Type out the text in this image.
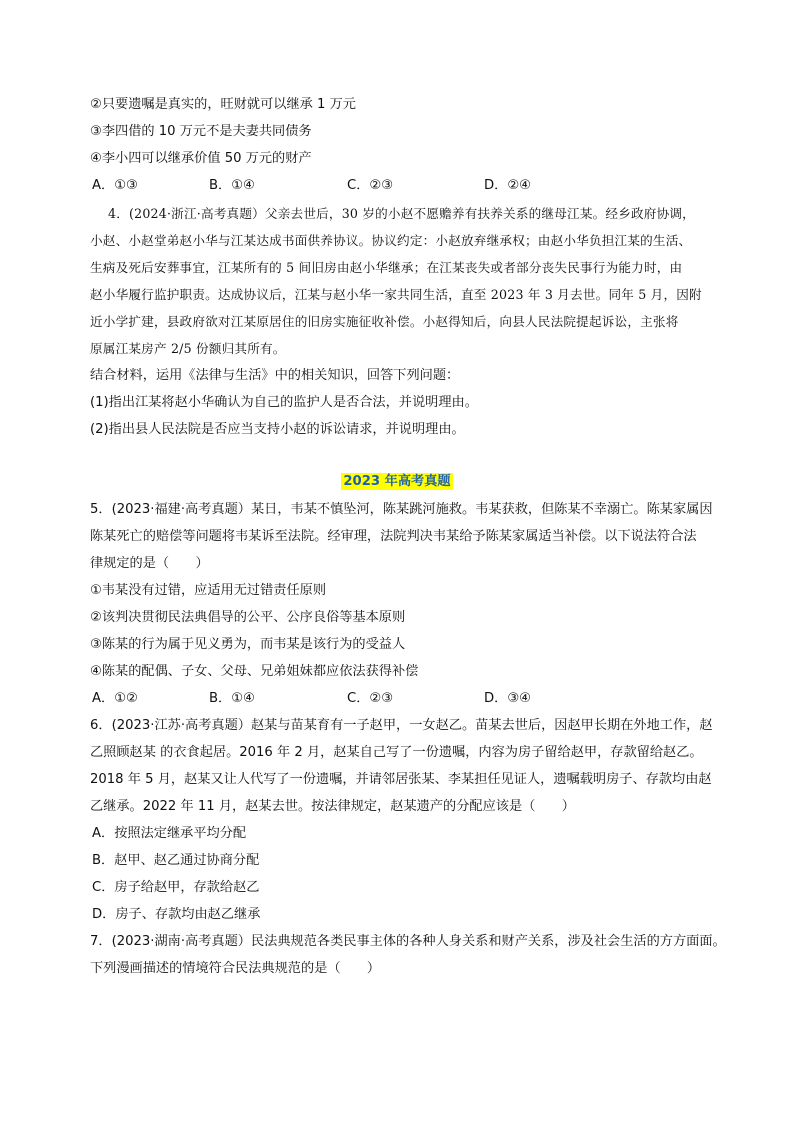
②只要遗嘱是真实的，旺财就可以继承 1 万元
③李四借的 10 万元不是夫妻共同债务
④李小四可以继承价值 50 万元的财产
A．①③	B．①④	C．②③	D．②④
4．(2024·浙江·高考真题）父亲去世后，30 岁的小赵不愿赡养有扶养关系的继母江某。经乡政府协调，
小赵、小赵堂弟赵小华与江某达成书面供养协议。协议约定：小赵放弃继承权；由赵小华负担江某的生活、
生病及死后安葬事宜，江某所有的 5 间旧房由赵小华继承；在江某丧失或者部分丧失民事行为能力时，由
赵小华履行监护职责。达成协议后，江某与赵小华一家共同生活，直至 2023 年 3 月去世。同年 5 月，因附
近小学扩建，县政府欲对江某原居住的旧房实施征收补偿。小赵得知后，向县人民法院提起诉讼，主张将
原属江某房产 2/5 份额归其所有。
结合材料，运用《法律与生活》中的相关知识，回答下列问题：
(1)指出江某将赵小华确认为自己的监护人是否合法，并说明理由。
(2)指出县人民法院是否应当支持小赵的诉讼请求，并说明理由。
2023 年高考真题
5．(2023·福建·高考真题）某日，韦某不慎坠河，陈某跳河施救。韦某获救，但陈某不幸溺亡。陈某家属因
陈某死亡的赔偿等问题将韦某诉至法院。经审理，法院判决韦某给予陈某家属适当补偿。以下说法符合法
律规定的是（　　）
①韦某没有过错，应适用无过错责任原则
②该判决贯彻民法典倡导的公平、公序良俗等基本原则
③陈某的行为属于见义勇为，而韦某是该行为的受益人
④陈某的配偶、子女、父母、兄弟姐妹都应依法获得补偿
A．①②	B．①④	C．②③	D．③④
6．(2023·江苏·高考真题）赵某与苗某育有一子赵甲，一女赵乙。苗某去世后，因赵甲长期在外地工作，赵
乙照顾赵某 的衣食起居。2016 年 2 月，赵某自己写了一份遗嘱，内容为房子留给赵甲，存款留给赵乙。
2018 年 5 月，赵某又让人代写了一份遗嘱，并请邻居张某、李某担任见证人，遗嘱载明房子、存款均由赵
乙继承。2022 年 11 月，赵某去世。按法律规定，赵某遗产的分配应该是（　　）
A．按照法定继承平均分配
B．赵甲、赵乙通过协商分配
C．房子给赵甲，存款给赵乙
D．房子、存款均由赵乙继承
7．(2023·湖南·高考真题）民法典规范各类民事主体的各种人身关系和财产关系，涉及社会生活的方方面面。
下列漫画描述的情境符合民法典规范的是（　　）
